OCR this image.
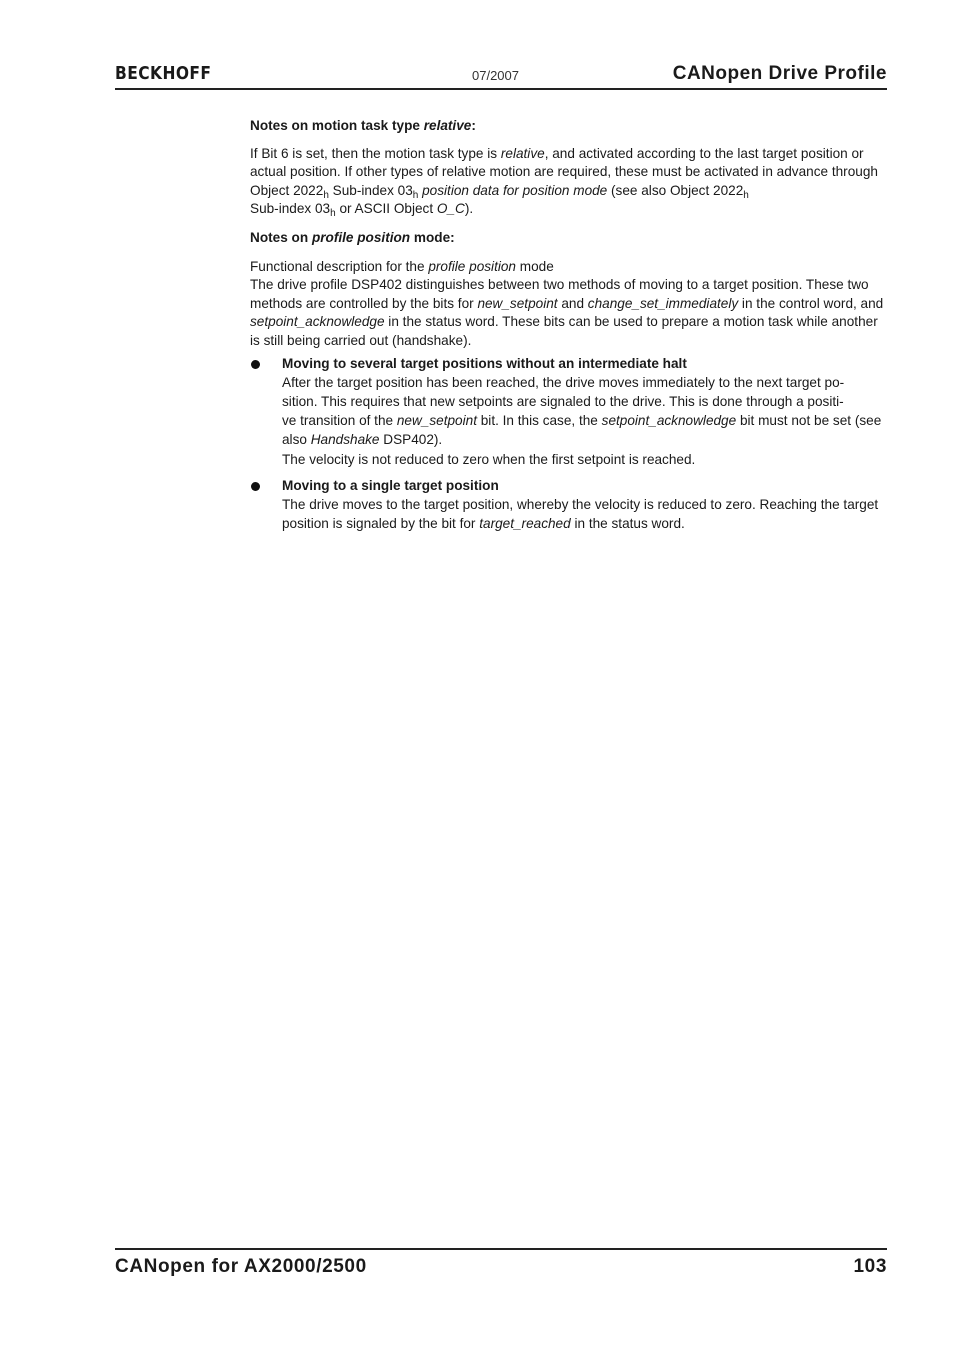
BECKHOFF	07/2007	CANopen Drive Profile

Notes on motion task type relative:

If Bit 6 is set, then the motion task type is relative, and activated according to the last target position or actual position. If other types of relative motion are required, these must be activated in advance through Object $2022_h$ Sub-index $03_h$ position data for position mode (see also Object $2022_h$
Sub-index $03_h$ or ASCII Object O_C).

Notes on profile position mode:

Functional description for the profile position mode
The drive profile DSP402 distinguishes between two methods of moving to a target position. These two methods are controlled by the bits for new_setpoint and change_set_immediately in the control word, and setpoint_acknowledge in the status word. These bits can be used to prepare a motion task while another is still being carried out (handshake).

Moving to several target positions without an intermediate halt
After the target position has been reached, the drive moves immediately to the next target po-
sition. This requires that new setpoints are signaled to the drive. This is done through a positi-
ve transition of the new_setpoint bit. In this case, the setpoint_acknowledge bit must not be set (see also Handshake DSP402).
The velocity is not reduced to zero when the first setpoint is reached.
Moving to a single target position
The drive moves to the target position, whereby the velocity is reduced to zero. Reaching the target position is signaled by the bit for target_reached in the status word.
CANopen for AX2000/2500	103
